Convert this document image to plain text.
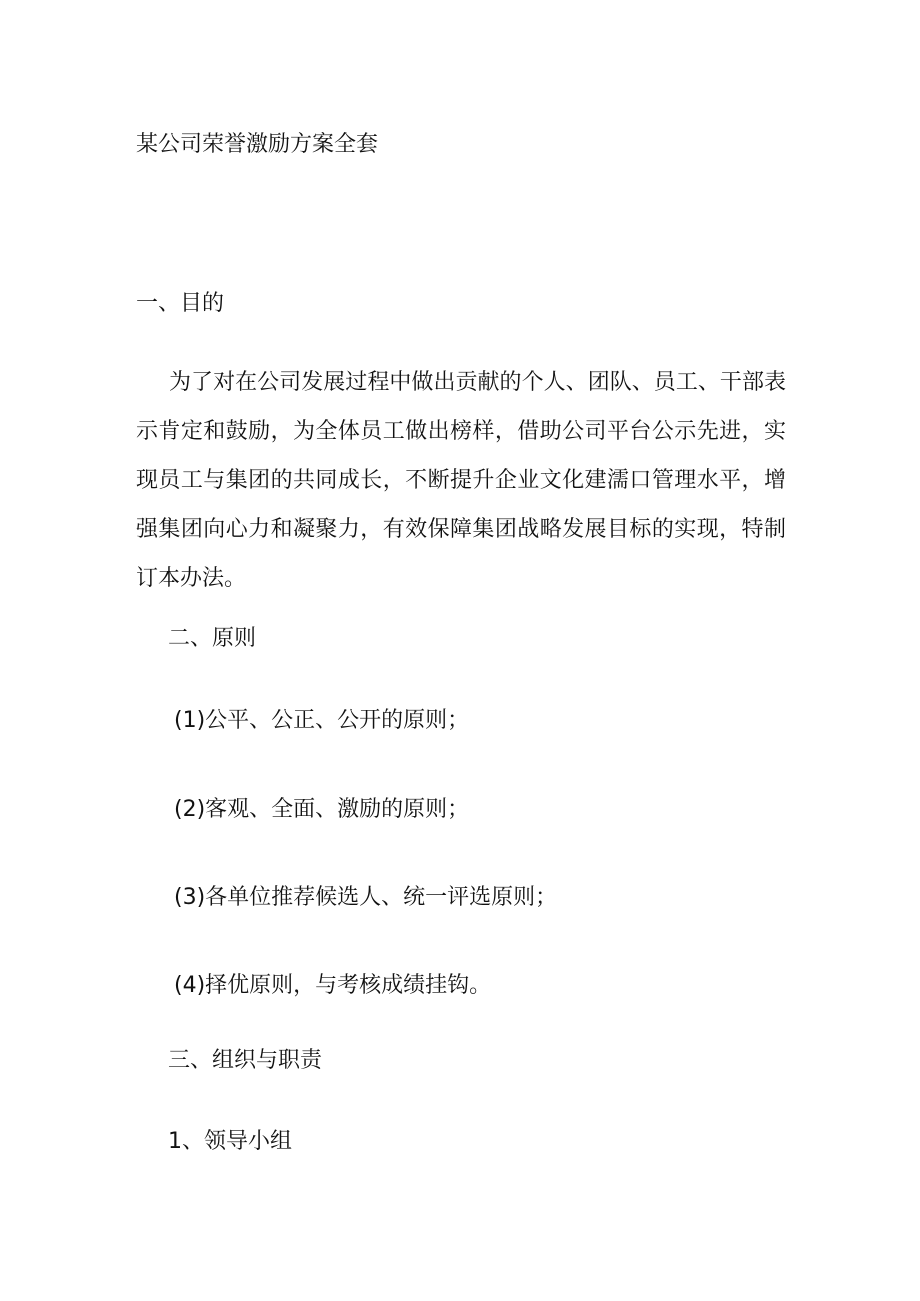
某公司荣誉激励方案全套

一、目的

为了对在公司发展过程中做出贡献的个人、团队、员工、干部表示肯定和鼓励，为全体员工做出榜样，借助公司平台公示先进，实现员工与集团的共同成长，不断提升企业文化建濡口管理水平，增强集团向心力和凝聚力，有效保障集团战略发展目标的实现，特制订本办法。

二、原则

(1)公平、公正、公开的原则；

(2)客观、全面、激励的原则；

(3)各单位推荐候选人、统一评选原则；

(4)择优原则，与考核成绩挂钩。

三、组织与职责

1、领导小组
